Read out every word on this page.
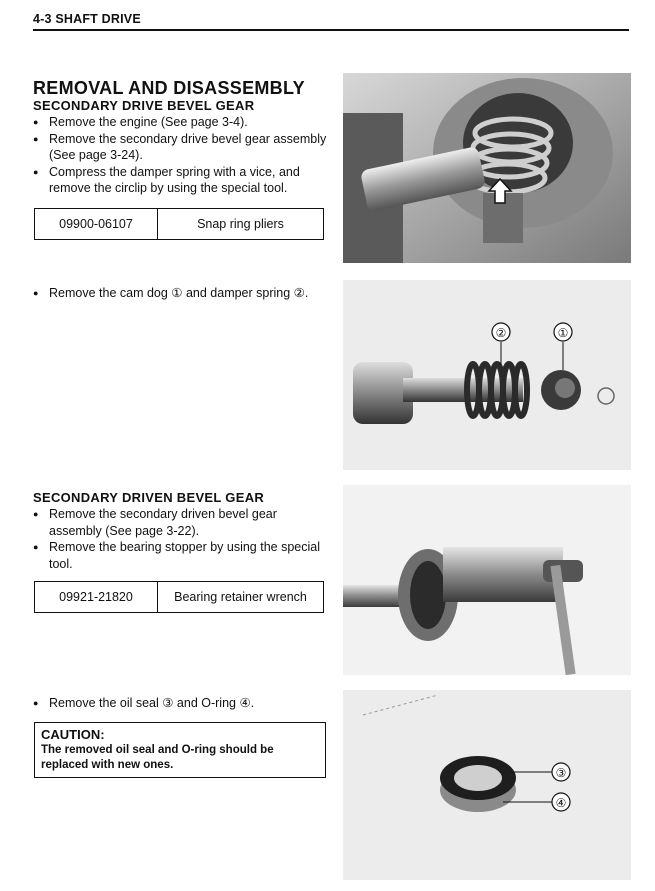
4-3 SHAFT DRIVE
REMOVAL AND DISASSEMBLY
SECONDARY DRIVE BEVEL GEAR
● Remove the engine (See page 3-4).
● Remove the secondary drive bevel gear assembly (See page 3-24).
● Compress the damper spring with a vice, and remove the circlip by using the special tool.
09900-06107	Snap ring pliers
● Remove the cam dog ① and damper spring ②.
SECONDARY DRIVEN BEVEL GEAR
● Remove the secondary driven bevel gear assembly (See page 3-22).
● Remove the bearing stopper by using the special tool.
09921-21820	Bearing retainer wrench
● Remove the oil seal ③ and O-ring ④.
CAUTION:
The removed oil seal and O-ring should be replaced with new ones.
②	①
③
④
